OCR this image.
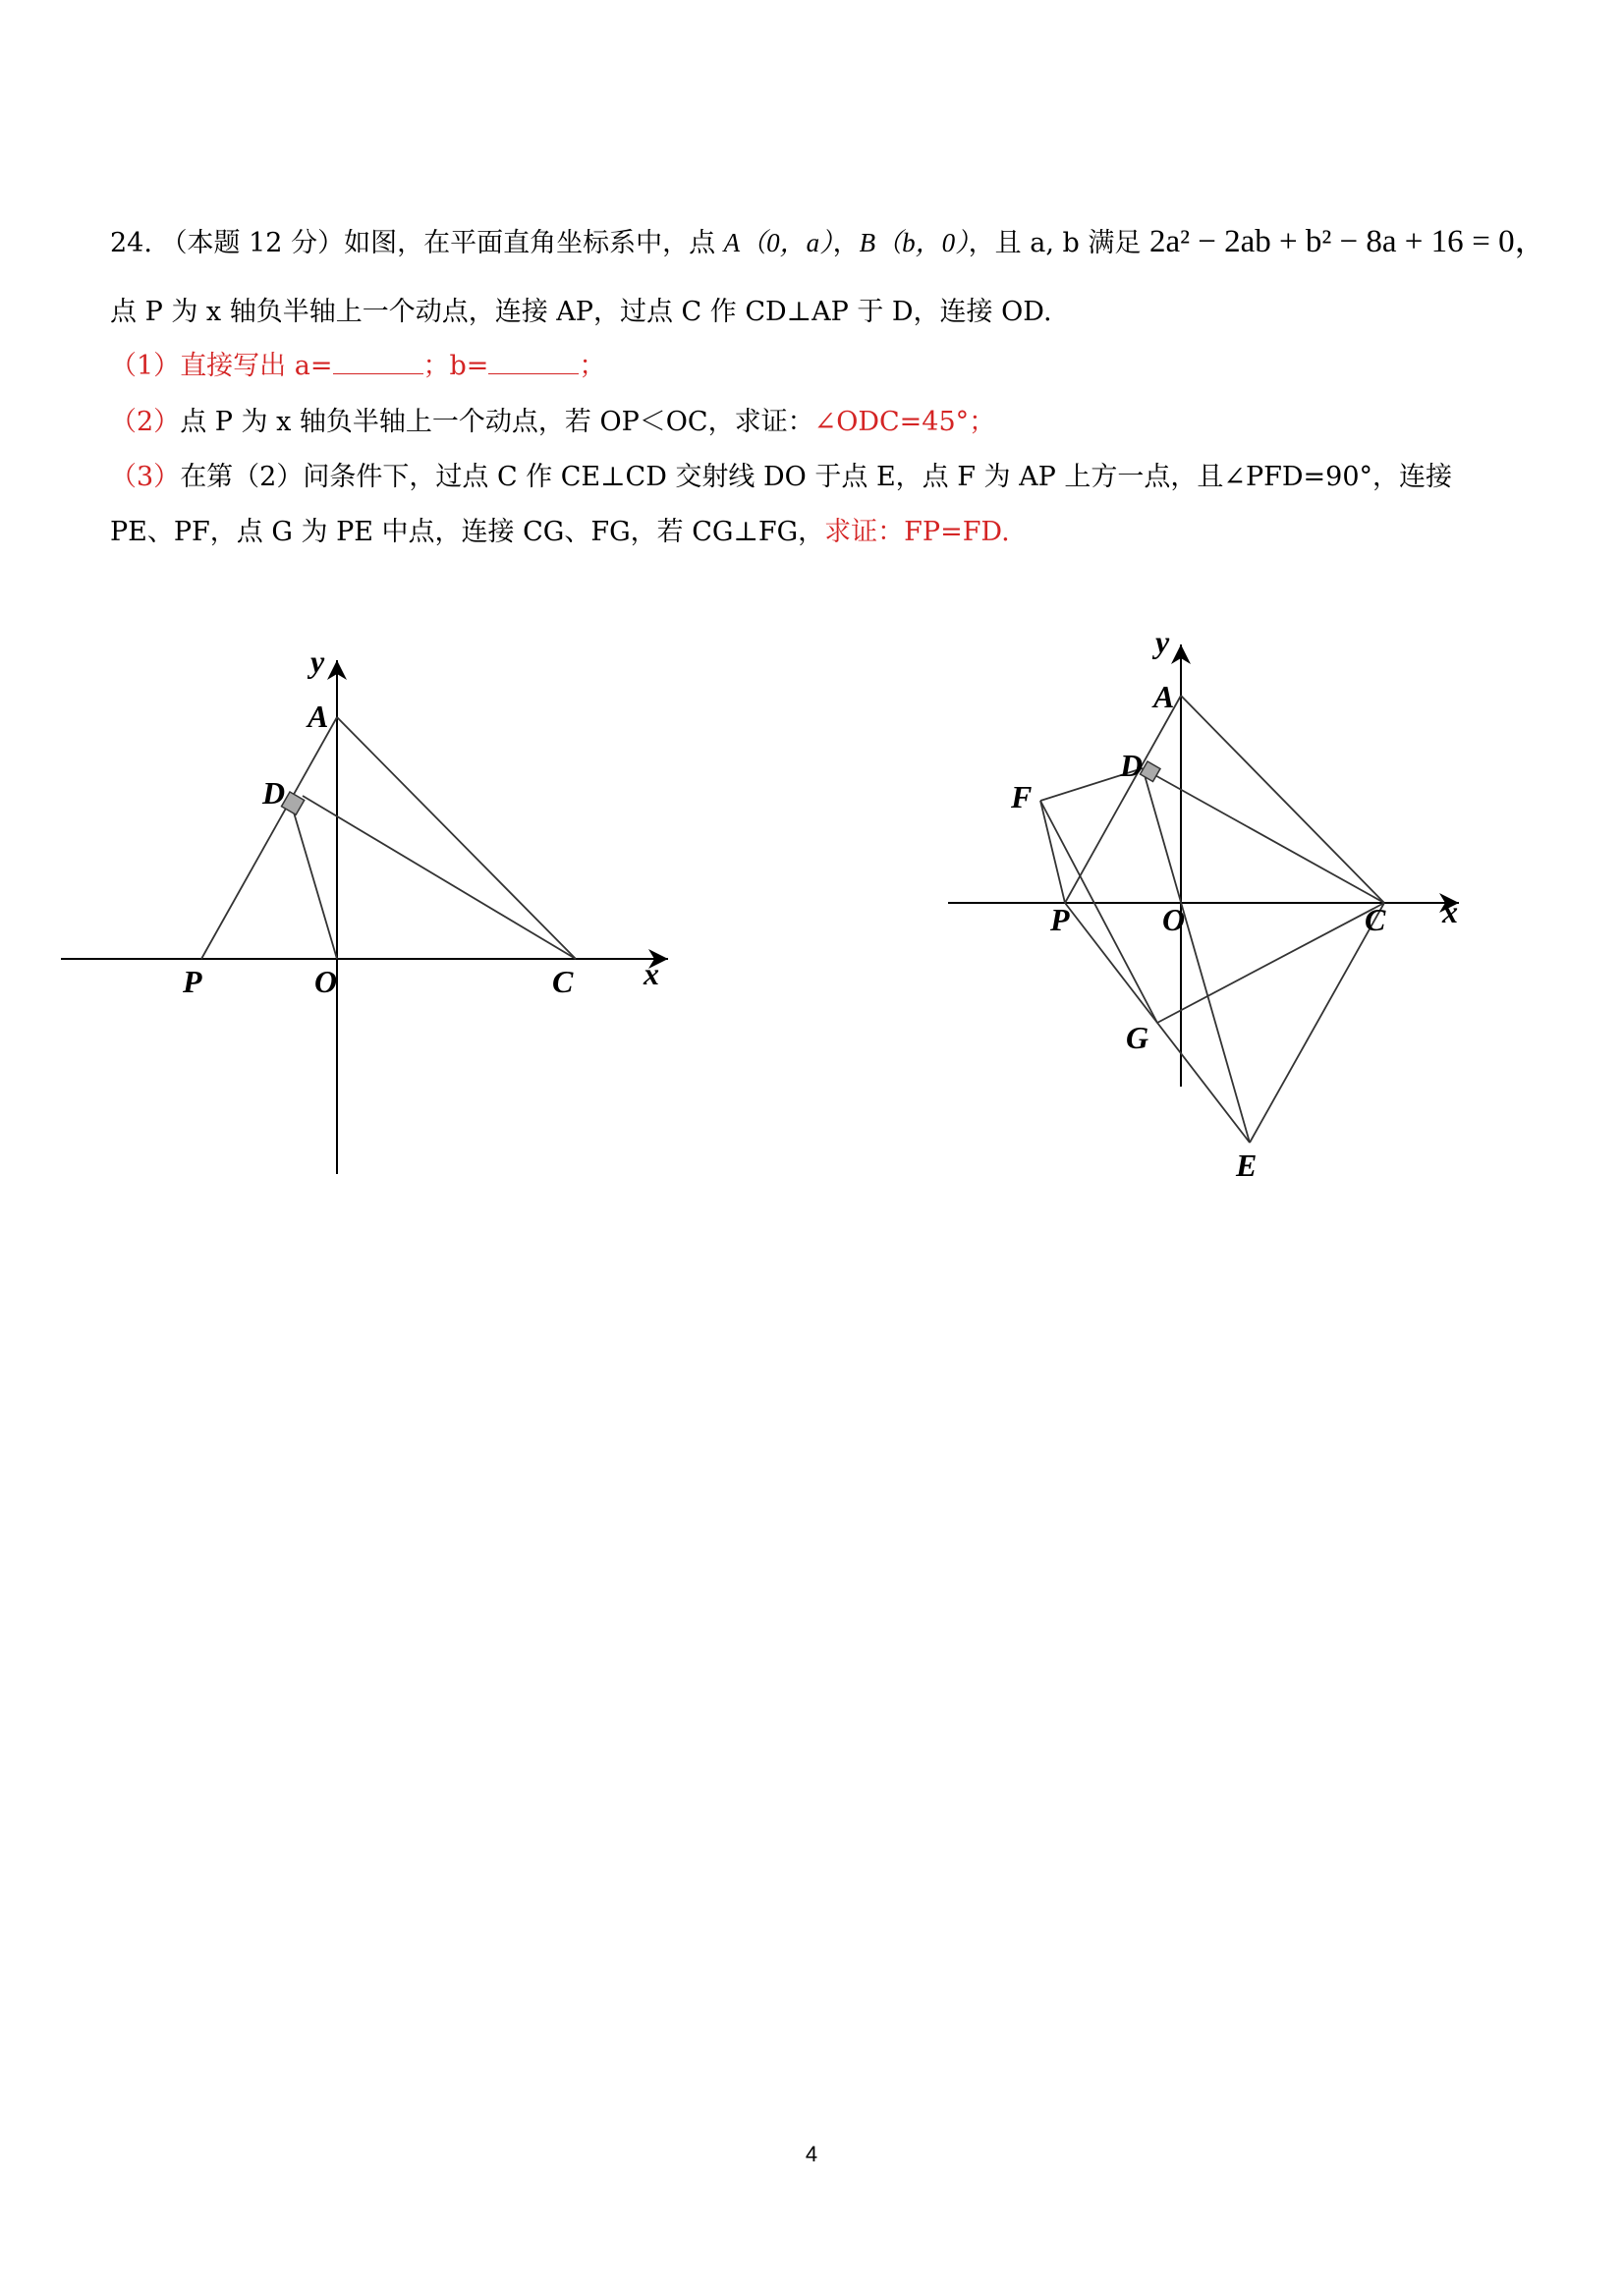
24. （本题 12 分）如图，在平面直角坐标系中，点 A（0，a），B（b，0），且 a, b 满足 2a² − 2ab + b² − 8a + 16 = 0，
点 P 为 x 轴负半轴上一个动点，连接 AP，过点 C 作 CD⊥AP 于 D，连接 OD.
（1）直接写出 a=	；b=	；
（2）点 P 为 x 轴负半轴上一个动点，若 OP＜OC，求证：∠ODC=45°；
（3）在第（2）问条件下，过点 C 作 CE⊥CD 交射线 DO 于点 E，点 F 为 AP 上方一点，且∠PFD=90°，连接
PE、PF，点 G 为 PE 中点，连接 CG、FG，若 CG⊥FG，求证：FP=FD.
y
A
D
P	O	C x
y
A
D
F
P	O	C x
G
E
4
